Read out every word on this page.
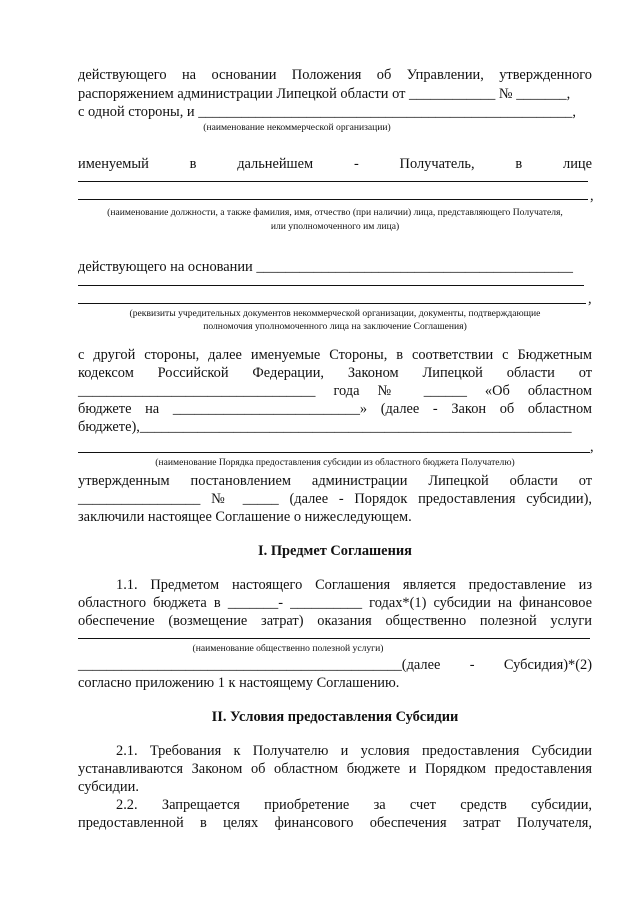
действующего на основании Положения об Управлении, утвержденного
распоряжением администрации Липецкой области от ____________ № _______,
с одной стороны, и ____________________________________________________,
(наименование некоммерческой организации)
именуемый в дальнейшем - Получатель, в лице
,
(наименование должности, а также фамилия, имя, отчество (при наличии) лица, представляющего Получателя,
или уполномоченного им лица)
действующего на основании ____________________________________________
,
(реквизиты учредительных документов некоммерческой организации, документы, подтверждающие
полномочия уполномоченного лица на заключение Соглашения)
с другой стороны, далее именуемые Стороны, в соответствии с Бюджетным
кодексом Российской Федерации, Законом Липецкой области от
_________________________________ года № ______ «Об областном
бюджете на __________________________» (далее - Закон об областном
бюджете),____________________________________________________________
,
(наименование Порядка предоставления субсидии из областного бюджета Получателю)
утвержденным постановлением администрации Липецкой области от
_________________ № _____ (далее - Порядок предоставления субсидии),
заключили настоящее Соглашение о нижеследующем.
I. Предмет Соглашения
1.1. Предметом настоящего Соглашения является предоставление из
областного бюджета в _______- __________ годах*(1) субсидии на финансовое
обеспечение (возмещение затрат) оказания общественно полезной услуги
(наименование общественно полезной услуги)
_____________________________________________(далее - Субсидия)*(2)
согласно приложению 1 к настоящему Соглашению.
II. Условия предоставления Субсидии
2.1. Требования к Получателю и условия предоставления Субсидии
устанавливаются Законом об областном бюджете и Порядком предоставления
субсидии.
2.2. Запрещается приобретение за счет средств субсидии,
предоставленной в целях финансового обеспечения затрат Получателя,
